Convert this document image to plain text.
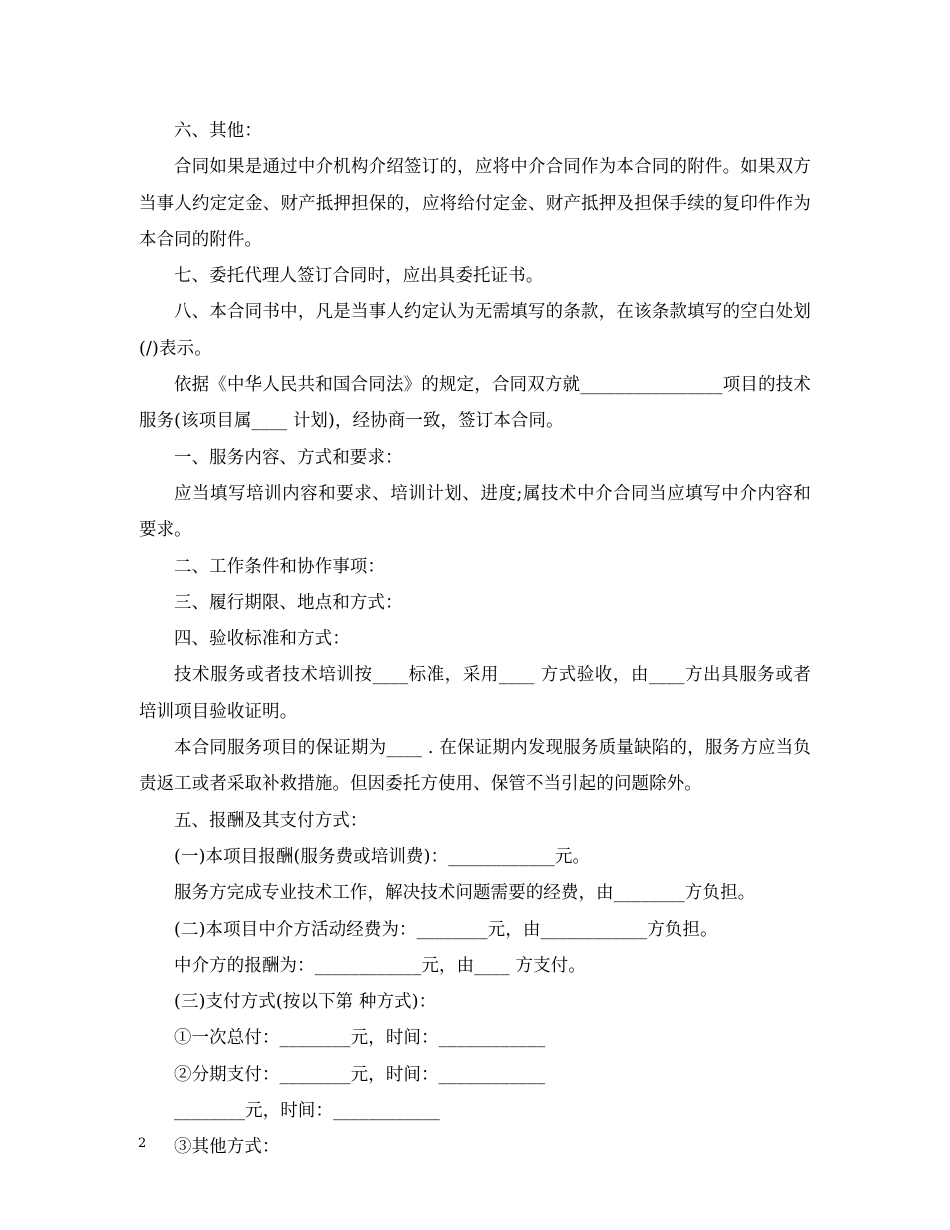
六、其他：

合同如果是通过中介机构介绍签订的，应将中介合同作为本合同的附件。如果双方当事人约定定金、财产抵押担保的，应将给付定金、财产抵押及担保手续的复印件作为本合同的附件。

七、委托代理人签订合同时，应出具委托证书。

八、本合同书中，凡是当事人约定认为无需填写的条款，在该条款填写的空白处划(/)表示。

依据《中华人民共和国合同法》的规定，合同双方就________________项目的技术服务(该项目属____ 计划)，经协商一致，签订本合同。

一、服务内容、方式和要求：

应当填写培训内容和要求、培训计划、进度;属技术中介合同当应填写中介内容和要求。

二、工作条件和协作事项：

三、履行期限、地点和方式：

四、验收标准和方式：

技术服务或者技术培训按____标准，采用____ 方式验收，由____方出具服务或者培训项目验收证明。

本合同服务项目的保证期为____ . 在保证期内发现服务质量缺陷的，服务方应当负责返工或者采取补救措施。但因委托方使用、保管不当引起的问题除外。

五、报酬及其支付方式：

(一)本项目报酬(服务费或培训费)：____________元。

服务方完成专业技术工作，解决技术问题需要的经费，由________方负担。

(二)本项目中介方活动经费为：________元，由____________方负担。

中介方的报酬为：____________元，由____ 方支付。

(三)支付方式(按以下第 种方式)：

①一次总付：________元，时间：____________

②分期支付：________元，时间：____________

________元，时间：____________

③其他方式：

2
